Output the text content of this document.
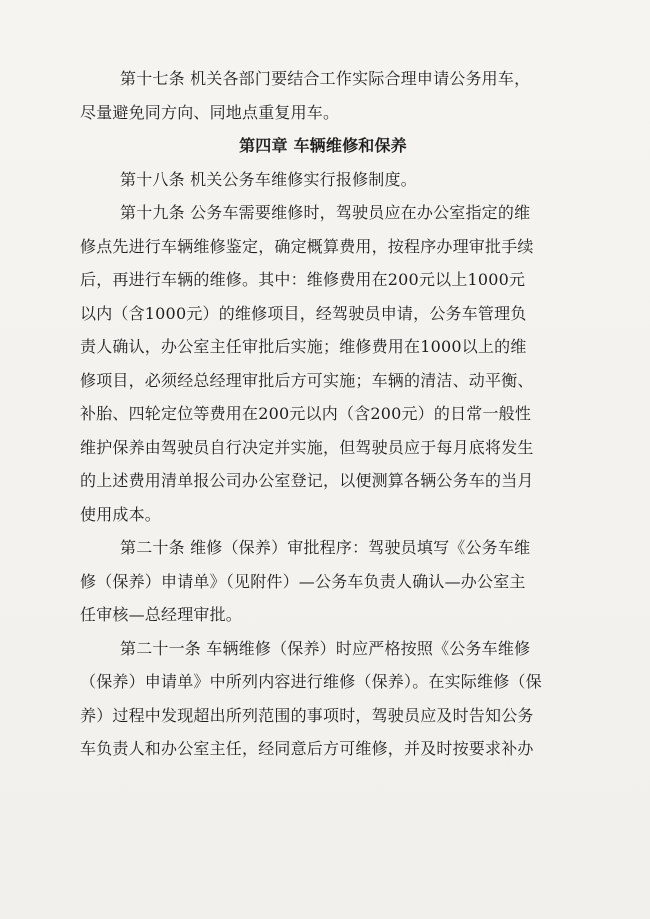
第十七条 机关各部门要结合工作实际合理申请公务用车，
尽量避免同方向、同地点重复用车。
第四章 车辆维修和保养
第十八条 机关公务车维修实行报修制度。
第十九条 公务车需要维修时，驾驶员应在办公室指定的维
修点先进行车辆维修鉴定，确定概算费用，按程序办理审批手续
后，再进行车辆的维修。其中：维修费用在200元以上1000元
以内（含1000元）的维修项目，经驾驶员申请，公务车管理负
责人确认，办公室主任审批后实施；维修费用在1000以上的维
修项目，必须经总经理审批后方可实施；车辆的清洁、动平衡、
补胎、四轮定位等费用在200元以内（含200元）的日常一般性
维护保养由驾驶员自行决定并实施，但驾驶员应于每月底将发生
的上述费用清单报公司办公室登记，以便测算各辆公务车的当月
使用成本。
第二十条 维修（保养）审批程序：驾驶员填写《公务车维
修（保养）申请单》（见附件）—公务车负责人确认—办公室主
任审核—总经理审批。
第二十一条 车辆维修（保养）时应严格按照《公务车维修
（保养）申请单》中所列内容进行维修（保养）。在实际维修（保
养）过程中发现超出所列范围的事项时，驾驶员应及时告知公务
车负责人和办公室主任，经同意后方可维修，并及时按要求补办
